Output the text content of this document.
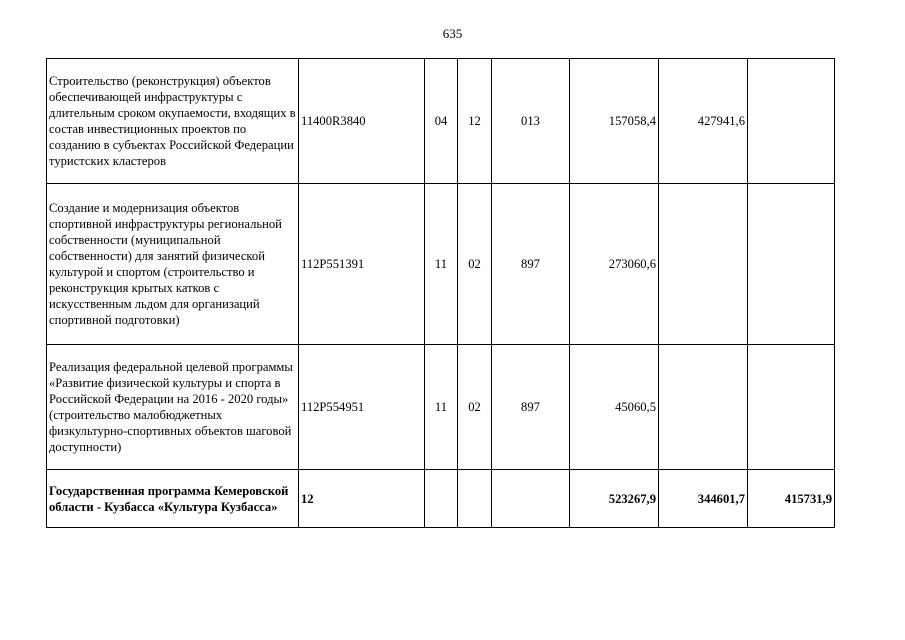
635
Строительство (реконструкция) объектов обеспечивающей инфраструктуры с длительным сроком окупаемости, входящих в состав инвестиционных проектов по созданию в субъектах Российской Федерации туристских кластеров	11400R3840	04	12	013	157058,4	427941,6	
Создание и модернизация объектов спортивной инфраструктуры региональной собственности (муниципальной собственности) для занятий физической культурой и спортом (строительство и реконструкция крытых катков с искусственным льдом для организаций спортивной подготовки)	112P551391	11	02	897	273060,6		
Реализация федеральной целевой программы «Развитие физической культуры и спорта в Российской Федерации на 2016 - 2020 годы» (строительство малобюджетных физкультурно-спортивных объектов шаговой доступности)	112P554951	11	02	897	45060,5		
Государственная программа Кемеровской области - Кузбасса «Культура Кузбасса»	12				523267,9	344601,7	415731,9
